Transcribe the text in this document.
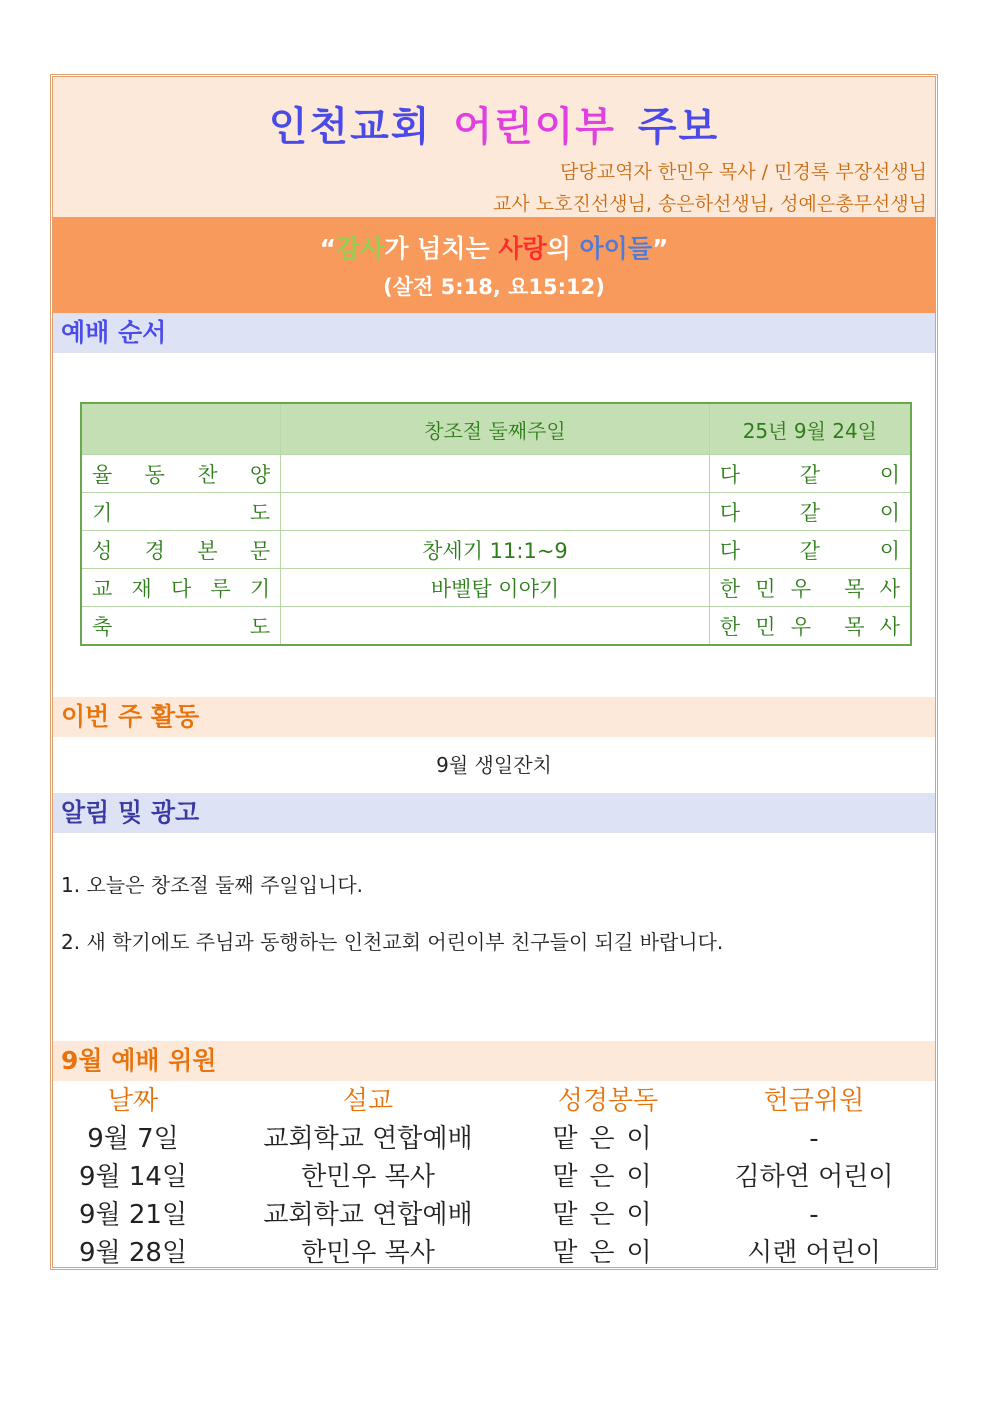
인천교회 어린이부 주보
담당교역자 한민우 목사 / 민경록 부장선생님
교사 노호진선생님, 송은하선생님, 성예은총무선생님
“감사가 넘치는 사랑의 아이들”
(살전 5:18, 요15:12)
예배 순서
	창조절 둘째주일	25년 9월 24일

율 동 찬 양		다 같 이

기 도		다 같 이

성 경 본 문	창세기 11:1~9	다 같 이

교 재 다 루 기	바벨탑 이야기	한 민 우 목 사

축 도		한 민 우 목 사
이번 주 활동
9월 생일잔치
알림 및 광고
1. 오늘은 창조절 둘째 주일입니다.
2. 새 학기에도 주님과 동행하는 인천교회 어린이부 친구들이 되길 바랍니다.
9월 예배 위원
날짜	설교	성경봉독	헌금위원
9월 7일	교회학교 연합예배	맡은이	-
9월 14일	한민우 목사	맡은이	김하연 어린이
9월 21일	교회학교 연합예배	맡은이	-
9월 28일	한민우 목사	맡은이	시랜 어린이
